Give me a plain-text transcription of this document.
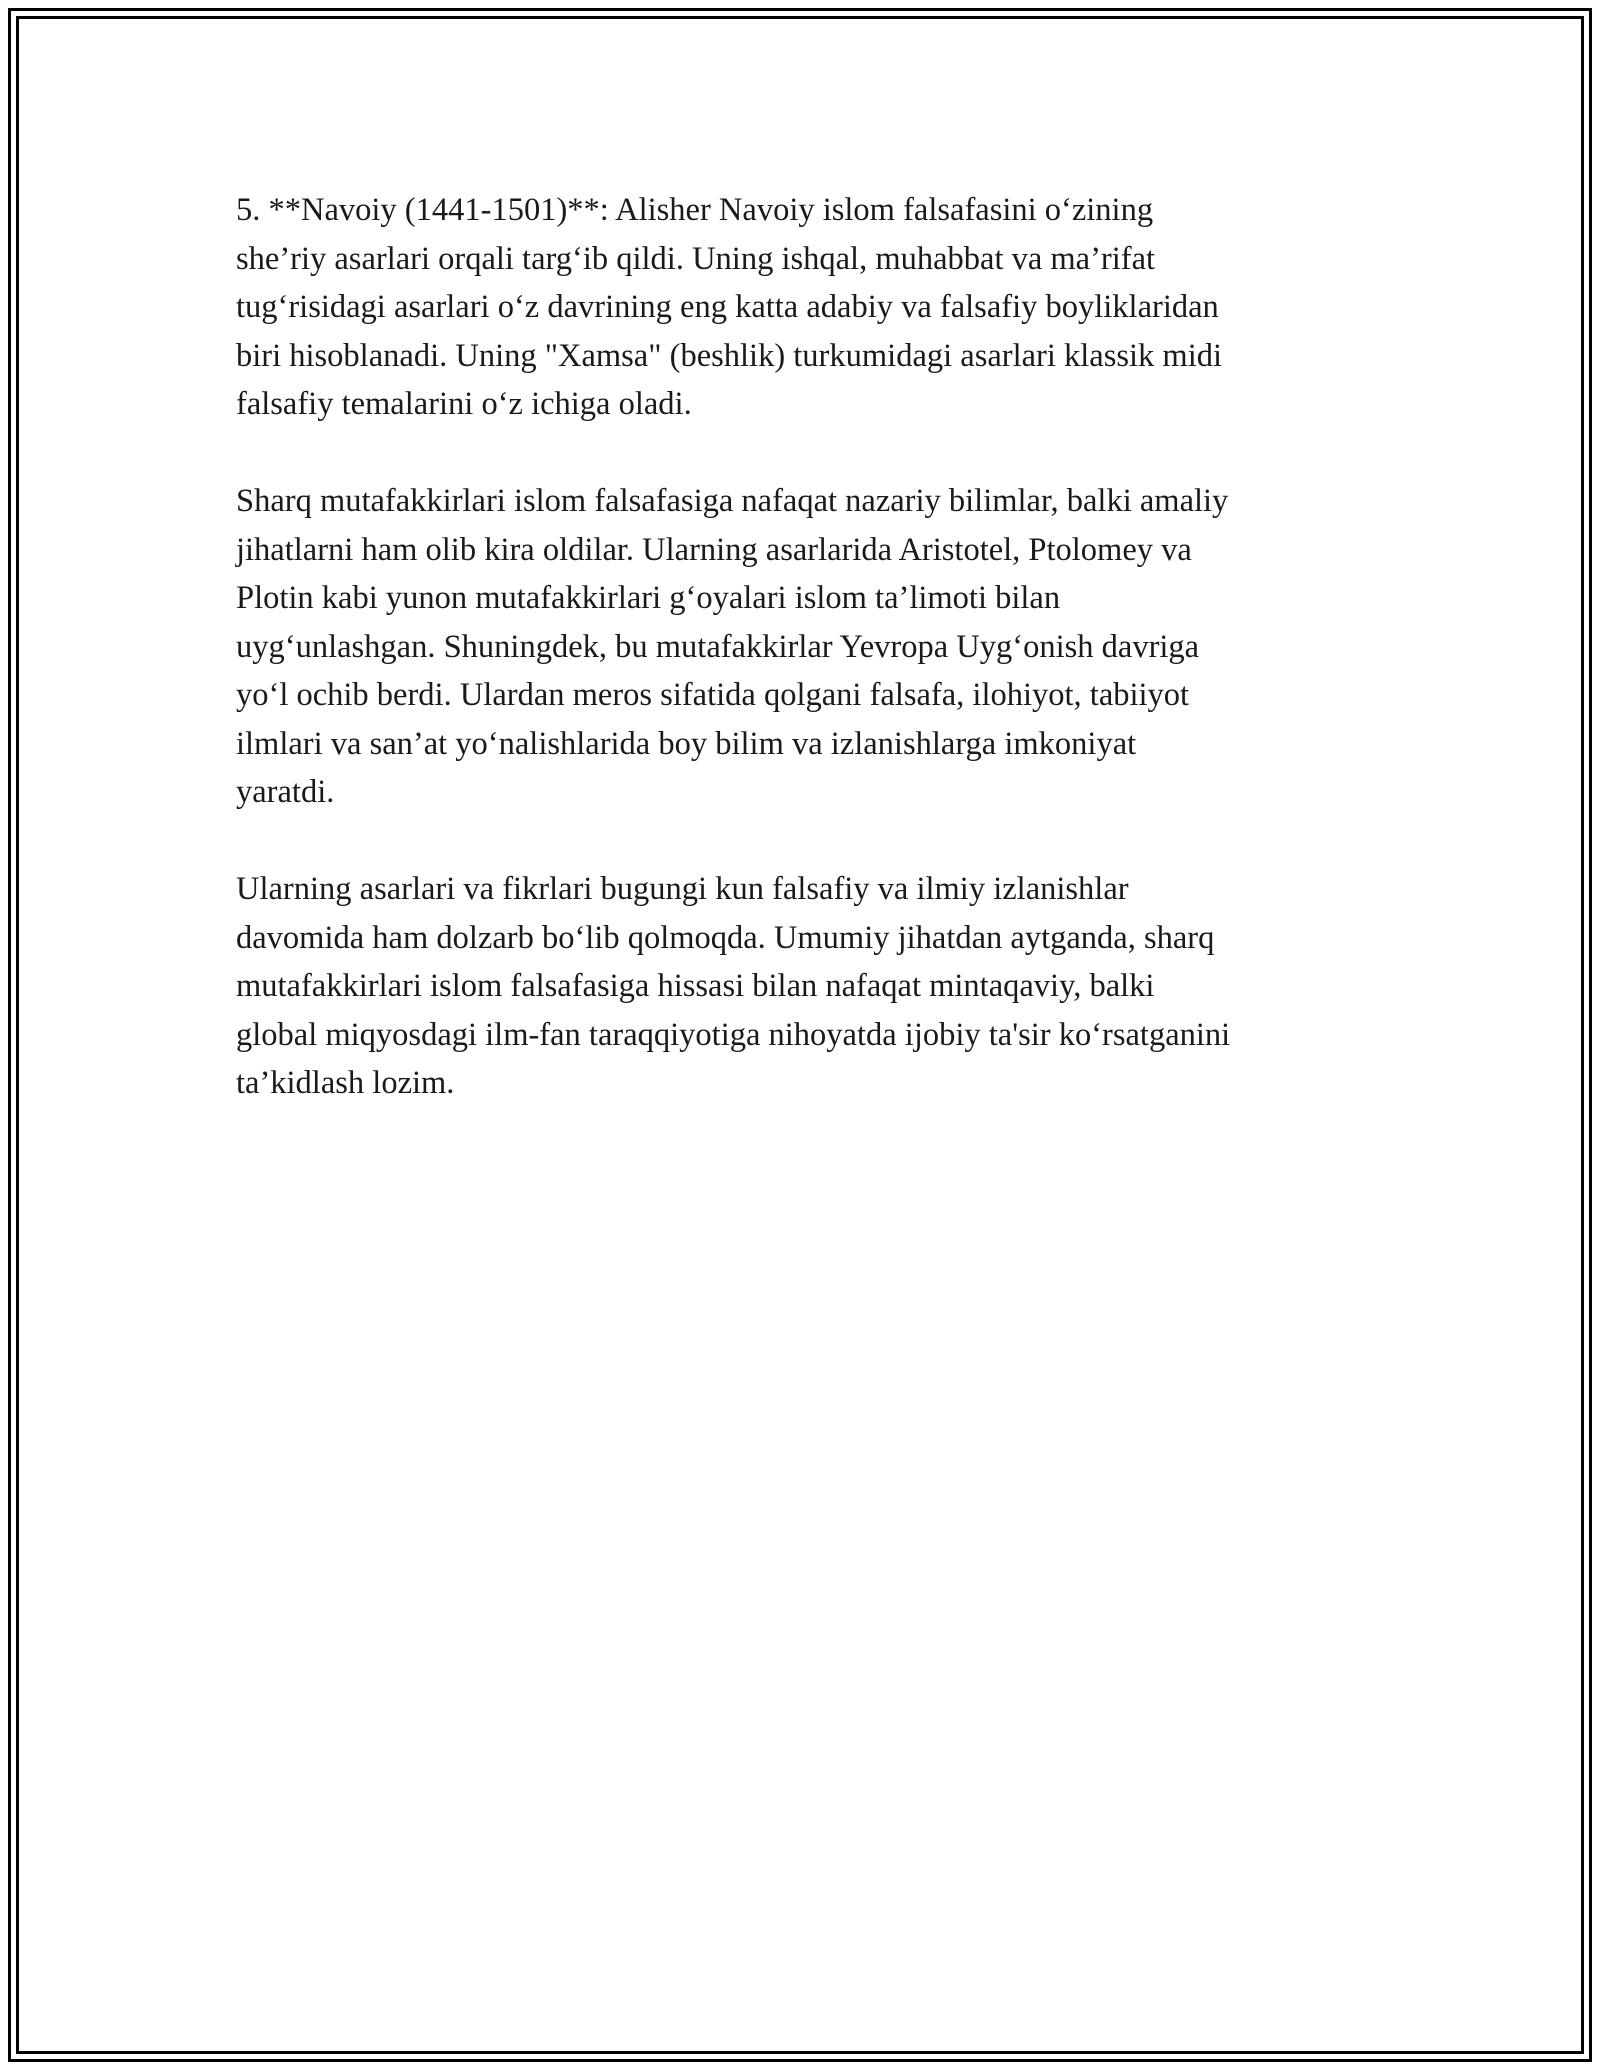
5. **Navoiy (1441-1501)**: Alisher Navoiy islom falsafasini o‘zining
she’riy asarlari orqali targ‘ib qildi. Uning ishqal, muhabbat va ma’rifat
tug‘risidagi asarlari o‘z davrining eng katta adabiy va falsafiy boyliklaridan
biri hisoblanadi. Uning "Xamsa" (beshlik) turkumidagi asarlari klassik midi
falsafiy temalarini o‘z ichiga oladi.
Sharq mutafakkirlari islom falsafasiga nafaqat nazariy bilimlar, balki amaliy
jihatlarni ham olib kira oldilar. Ularning asarlarida Aristotel, Ptolomey va
Plotin kabi yunon mutafakkirlari g‘oyalari islom ta’limoti bilan
uyg‘unlashgan. Shuningdek, bu mutafakkirlar Yevropa Uyg‘onish davriga
yo‘l ochib berdi. Ulardan meros sifatida qolgani falsafa, ilohiyot, tabiiyot
ilmlari va san’at yo‘nalishlarida boy bilim va izlanishlarga imkoniyat
yaratdi.
Ularning asarlari va fikrlari bugungi kun falsafiy va ilmiy izlanishlar
davomida ham dolzarb bo‘lib qolmoqda. Umumiy jihatdan aytganda, sharq
mutafakkirlari islom falsafasiga hissasi bilan nafaqat mintaqaviy, balki
global miqyosdagi ilm-fan taraqqiyotiga nihoyatda ijobiy ta'sir ko‘rsatganini
ta’kidlash lozim.
